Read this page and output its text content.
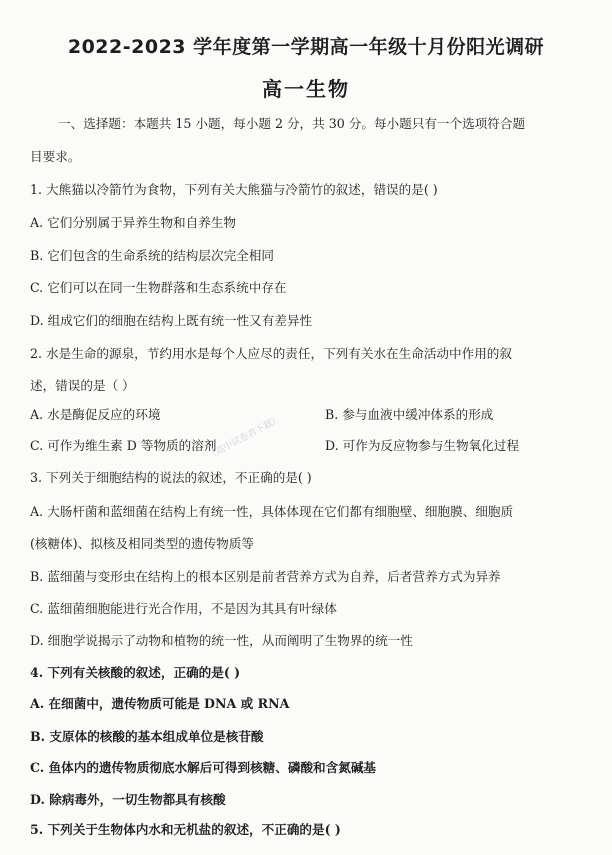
2022-2023 学年度第一学期高一年级十月份阳光调研
高一生物
一、选择题：本题共 15 小题，每小题 2 分，共 30 分。每小题只有一个选项符合题
目要求。
1. 大熊猫以冷箭竹为食物，下列有关大熊猫与冷箭竹的叙述，错误的是( )
A. 它们分别属于异养生物和自养生物
B. 它们包含的生命系统的结构层次完全相同
C. 它们可以在同一生物群落和生态系统中存在
D. 组成它们的细胞在结构上既有统一性又有差异性
2. 水是生命的源泉，节约用水是每个人应尽的责任，下列有关水在生命活动中作用的叙
述，错误的是（ ）
A. 水是酶促反应的环境	B. 参与血液中缓冲体系的形成
C. 可作为维生素 D 等物质的溶剂	D. 可作为反应物参与生物氧化过程
3. 下列关于细胞结构的说法的叙述，不正确的是( )
A. 大肠杆菌和蓝细菌在结构上有统一性，具体体现在它们都有细胞壁、细胞膜、细胞质
(核糖体)、拟核及相同类型的遗传物质等
B. 蓝细菌与变形虫在结构上的根本区别是前者营养方式为自养，后者营养方式为异养
C. 蓝细菌细胞能进行光合作用，不是因为其具有叶绿体
D. 细胞学说揭示了动物和植物的统一性，从而阐明了生物界的统一性
4. 下列有关核酸的叙述，正确的是( )
A. 在细菌中，遗传物质可能是 DNA 或 RNA
B. 支原体的核酸的基本组成单位是核苷酸
C. 鱼体内的遗传物质彻底水解后可得到核糖、磷酸和含氮碱基
D. 除病毒外，一切生物都具有核酸
5. 下列关于生物体内水和无机盐的叙述，不正确的是( )
（高中试卷君下载）
